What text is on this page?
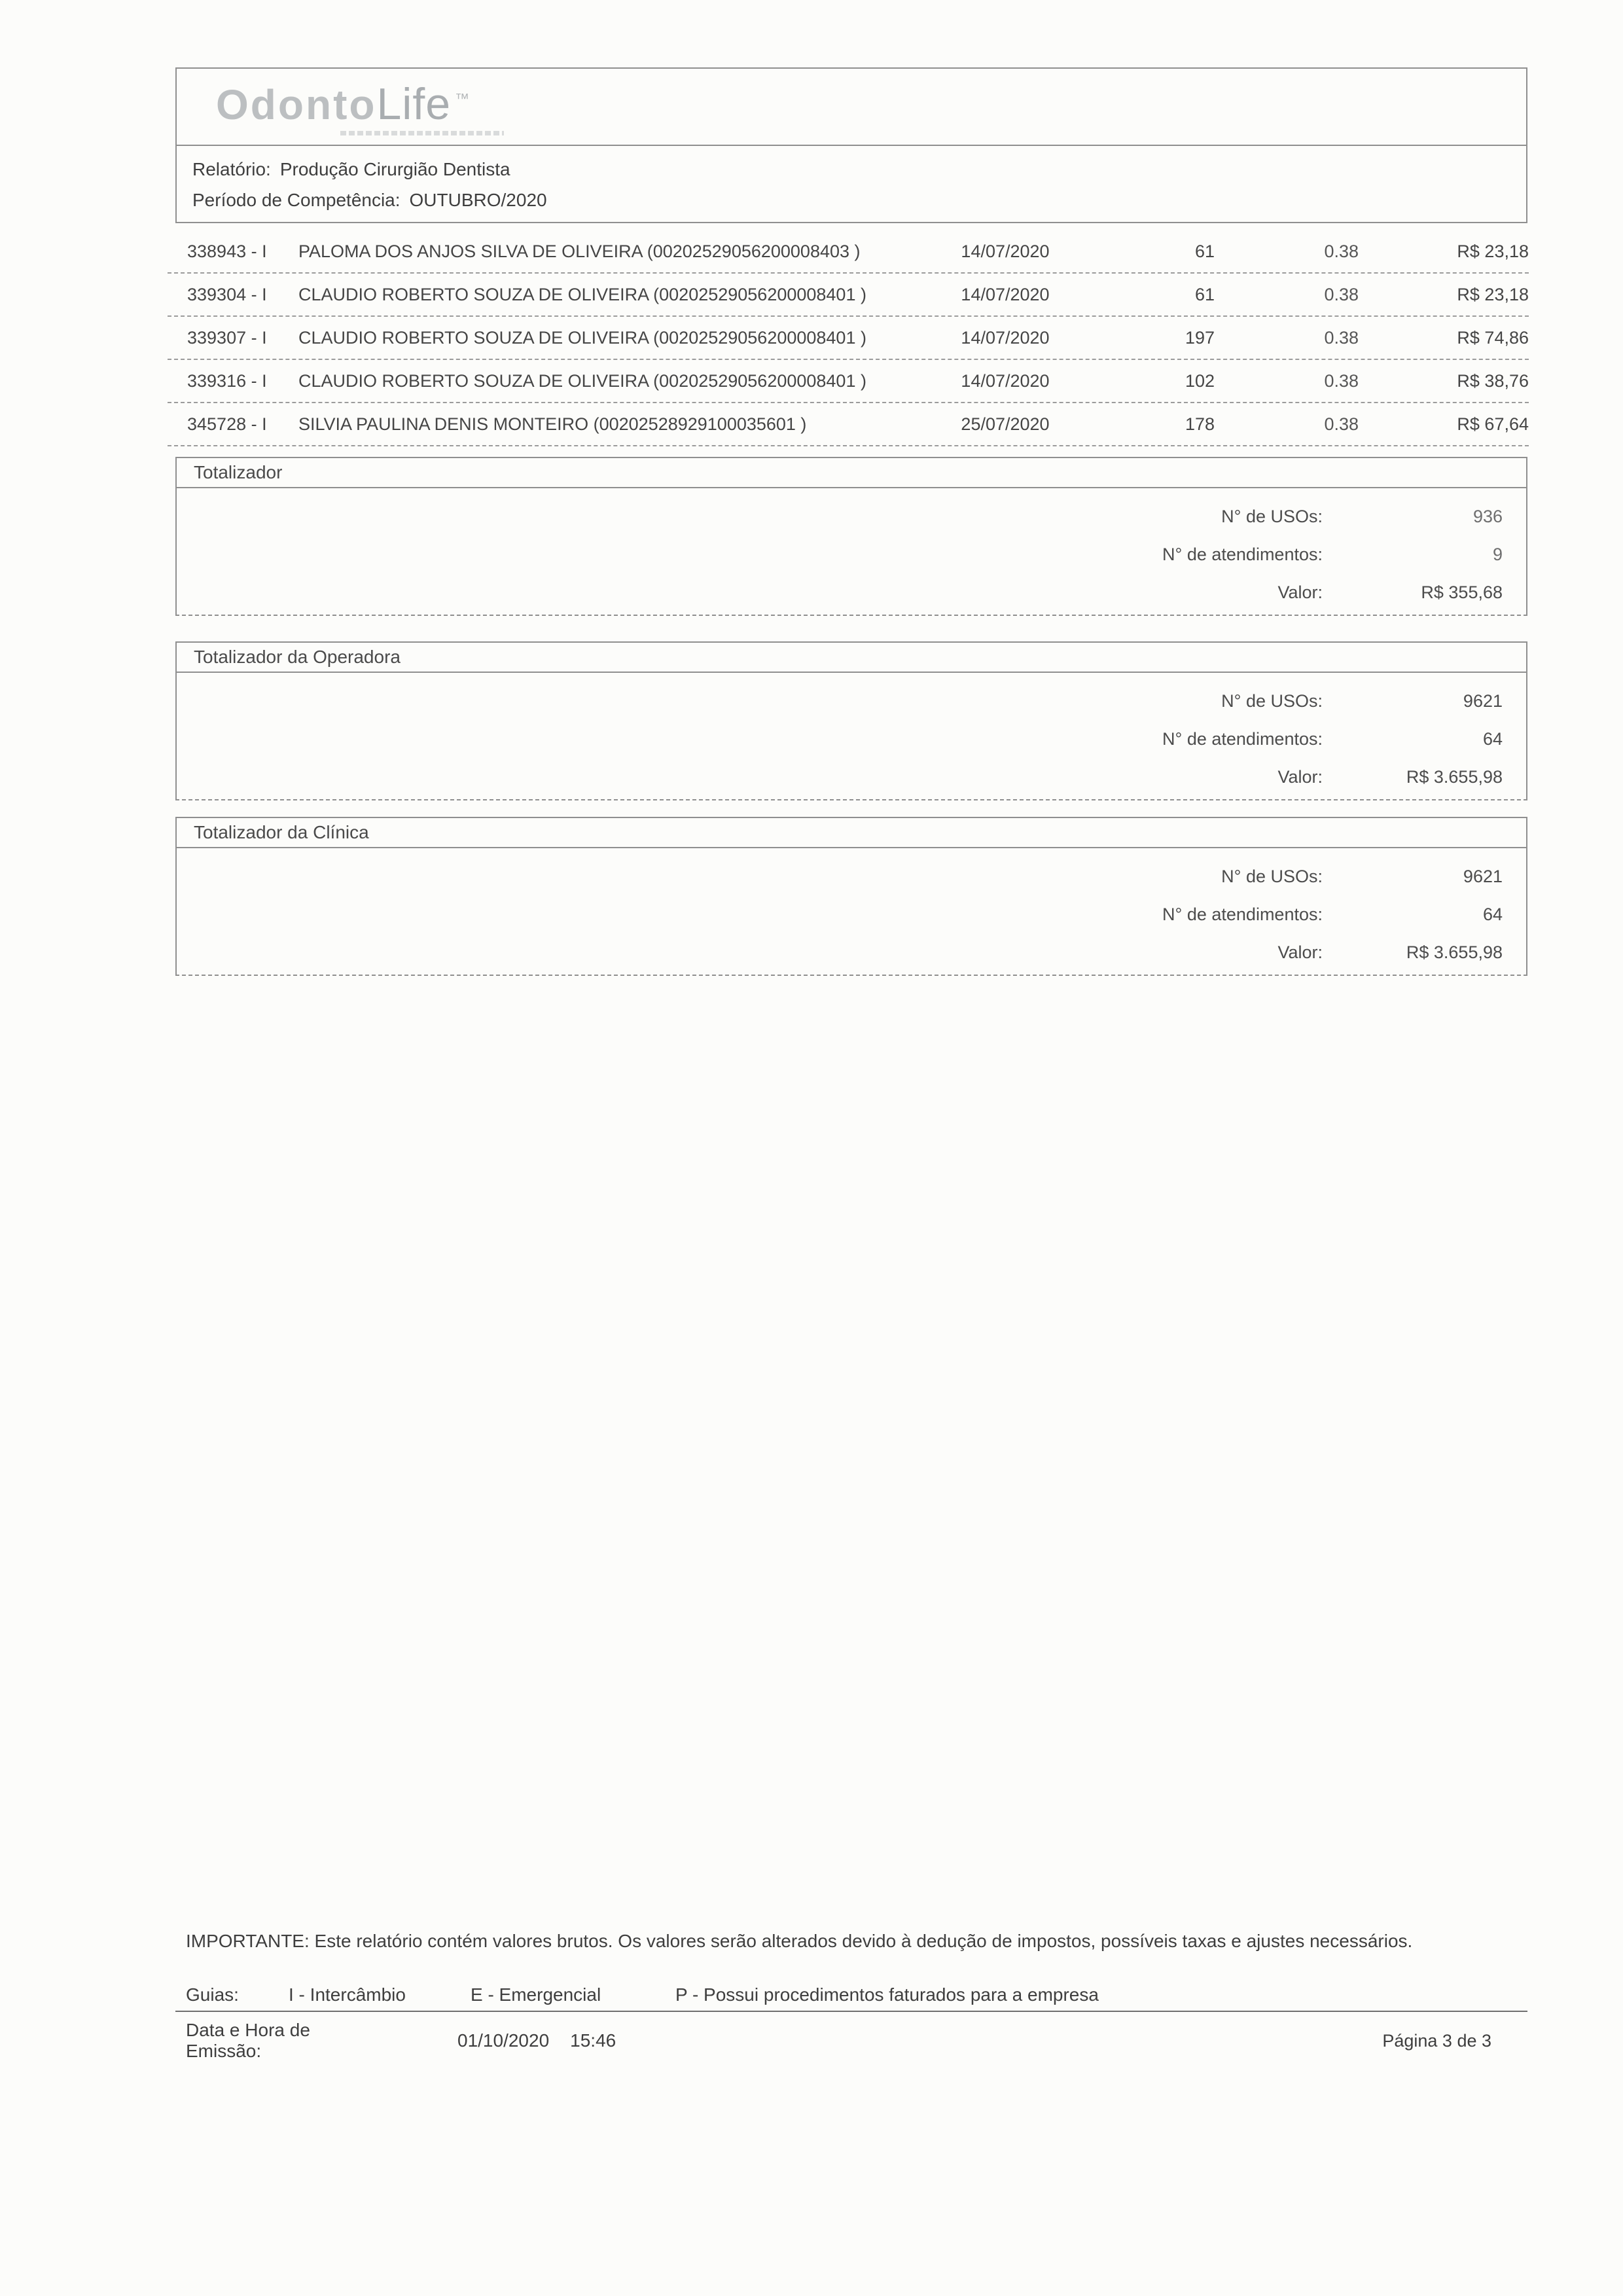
Odonto Life ™
Relatório: Produção Cirurgião Dentista
Período de Competência: OUTUBRO/2020
338943 - I	PALOMA DOS ANJOS SILVA DE OLIVEIRA (00202529056200008403 )	14/07/2020	61	0.38	R$ 23,18
339304 - I	CLAUDIO ROBERTO SOUZA DE OLIVEIRA (00202529056200008401 )	14/07/2020	61	0.38	R$ 23,18
339307 - I	CLAUDIO ROBERTO SOUZA DE OLIVEIRA (00202529056200008401 )	14/07/2020	197	0.38	R$ 74,86
339316 - I	CLAUDIO ROBERTO SOUZA DE OLIVEIRA (00202529056200008401 )	14/07/2020	102	0.38	R$ 38,76
345728 - I	SILVIA PAULINA DENIS MONTEIRO (00202528929100035601 )	25/07/2020	178	0.38	R$ 67,64
Totalizador
N° de USOs:	936
N° de atendimentos:	9
Valor:	R$ 355,68
Totalizador da Operadora
N° de USOs:	9621
N° de atendimentos:	64
Valor:	R$ 3.655,98
Totalizador da Clínica
N° de USOs:	9621
N° de atendimentos:	64
Valor:	R$ 3.655,98
IMPORTANTE: Este relatório contém valores brutos. Os valores serão alterados devido à dedução de impostos, possíveis taxas e ajustes necessários.
Guias:	I - Intercâmbio	E - Emergencial	P - Possui procedimentos faturados para a empresa
Data e Hora de Emissão:
01/10/2020 15:46	Página 3 de 3
